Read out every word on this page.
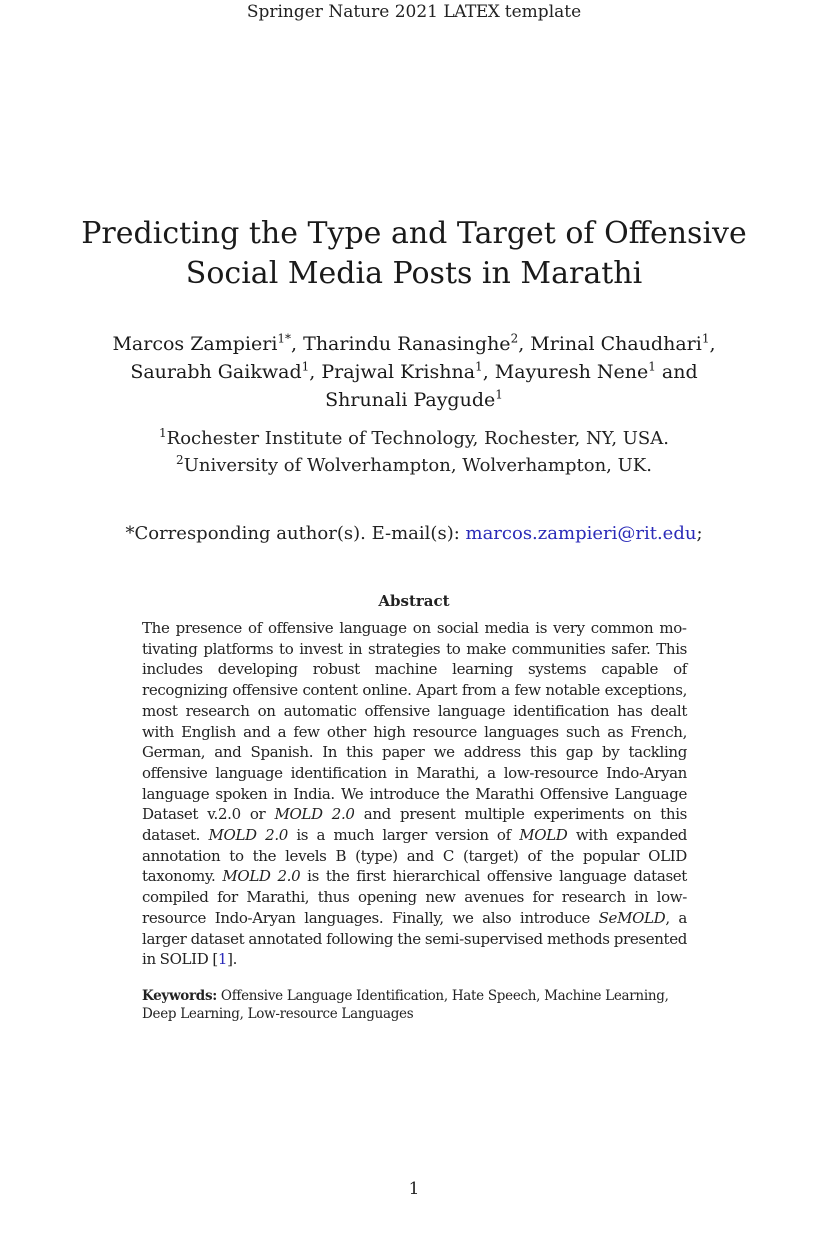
Springer Nature 2021 LATEX template
Predicting the Type and Target of Offensive
Social Media Posts in Marathi
Marcos Zampieri$^{1*}$, Tharindu Ranasinghe$^2$, Mrinal Chaudhari$^1$, Saurabh Gaikwad$^1$, Prajwal Krishna$^1$, Mayuresh Nene$^1$ and Shrunali Paygude$^1$
$^1$Rochester Institute of Technology, Rochester, NY, USA.
$^2$University of Wolverhampton, Wolverhampton, UK.
*Corresponding author(s). E-mail(s): marcos.zampieri@rit.edu;
Abstract
The presence of offensive language on social media is very common motivating platforms to invest in strategies to make communities safer. This includes developing robust machine learning systems capable of recognizing offensive content online. Apart from a few notable exceptions, most research on automatic offensive language identification has dealt with English and a few other high resource languages such as French, German, and Spanish. In this paper we address this gap by tackling offensive language identification in Marathi, a low-resource Indo-Aryan language spoken in India. We introduce the Marathi Offensive Language Dataset v.2.0 or MOLD 2.0 and present multiple experiments on this dataset. MOLD 2.0 is a much larger version of MOLD with expanded annotation to the levels B (type) and C (target) of the popular OLID taxonomy. MOLD 2.0 is the first hierarchical offensive language dataset compiled for Marathi, thus opening new avenues for research in low-resource Indo-Aryan languages. Finally, we also introduce SeMOLD, a larger dataset annotated following the semi-supervised methods presented in SOLID [1].
Keywords: Offensive Language Identification, Hate Speech, Machine Learning, Deep Learning, Low-resource Languages
1
